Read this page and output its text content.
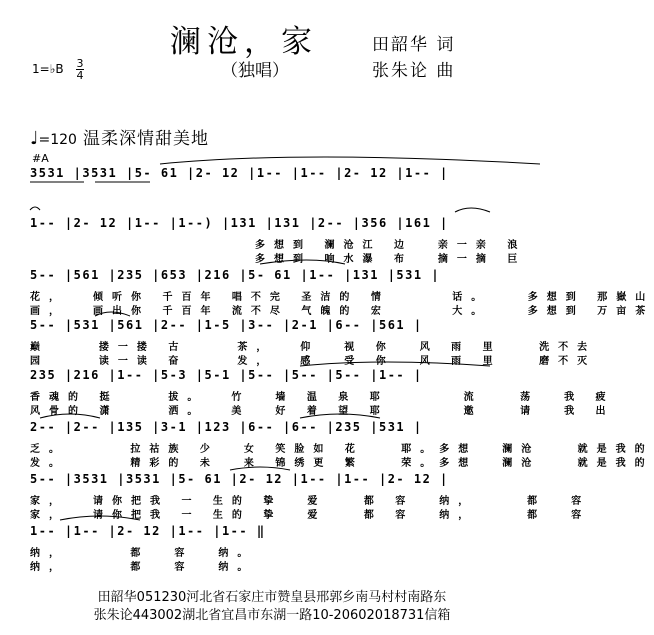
澜沧，家
（独唱）
田韶华 词
张朱论 曲
1=♭B 3
4
♩=120 温柔深情甜美地
#A
3531 |3531 |5- 61 |2- 12 |1-- |1-- |2- 12 |1-- |
1-- |2- 12 |1-- |1--) |131 |131 |2-- |356 |161 |
多想到 澜沧江 边  亲一亲 浪
多想到 响水瀑 布  摘一摘 巨
5-- |561 |235 |653 |216 |5- 61 |1-- |131 |531 |
花，  倾听你 千百年 唱不完 圣洁的 情     话。   多想到 那嶽山
画，  画出你 千百年 流不尽 气魄的 宏     大。   多想到 万亩茶
5-- |531 |561 |2-- |1-5 |3-- |2-1 |6-- |561 |
巅    搂一搂 古    茶，  仰  视 你  风 雨 里   洗不去
园    读一读 奋    发，  感  受 你  风 雨 里   磨不灭
235 |216 |1-- |5-3 |5-1 |5-- |5-- |5-- |1-- |
香魂的 挺    拔。  竹  墙 温 泉 耶      流   荡  我 疲
风骨的 潇    洒。  美  好 着 望 耶      邀   请  我 出
2-- |2-- |135 |3-1 |123 |6-- |6-- |235 |531 |
乏。     拉祜族 少  女 笑脸如 花   耶。多想  澜沧   就是我的
发。     精彩的 未  来 锦绣更 繁   荣。多想  澜沧   就是我的
5-- |3531 |3531 |5- 61 |2- 12 |1-- |1-- |2- 12 |
家，  请你把我 一 生的 挚  爱   都 容  纳，    都  容
家，  请你把我 一 生的 挚  爱   都 容  纳，    都  容
1-- |1-- |2- 12 |1-- |1-- ‖
纳，     都  容  纳。
纳，     都  容  纳。
田韶华051230河北省石家庄市赞皇县邢郭乡南马村村南路东
张朱论443002湖北省宜昌市东湖一路10-20602018731信箱
